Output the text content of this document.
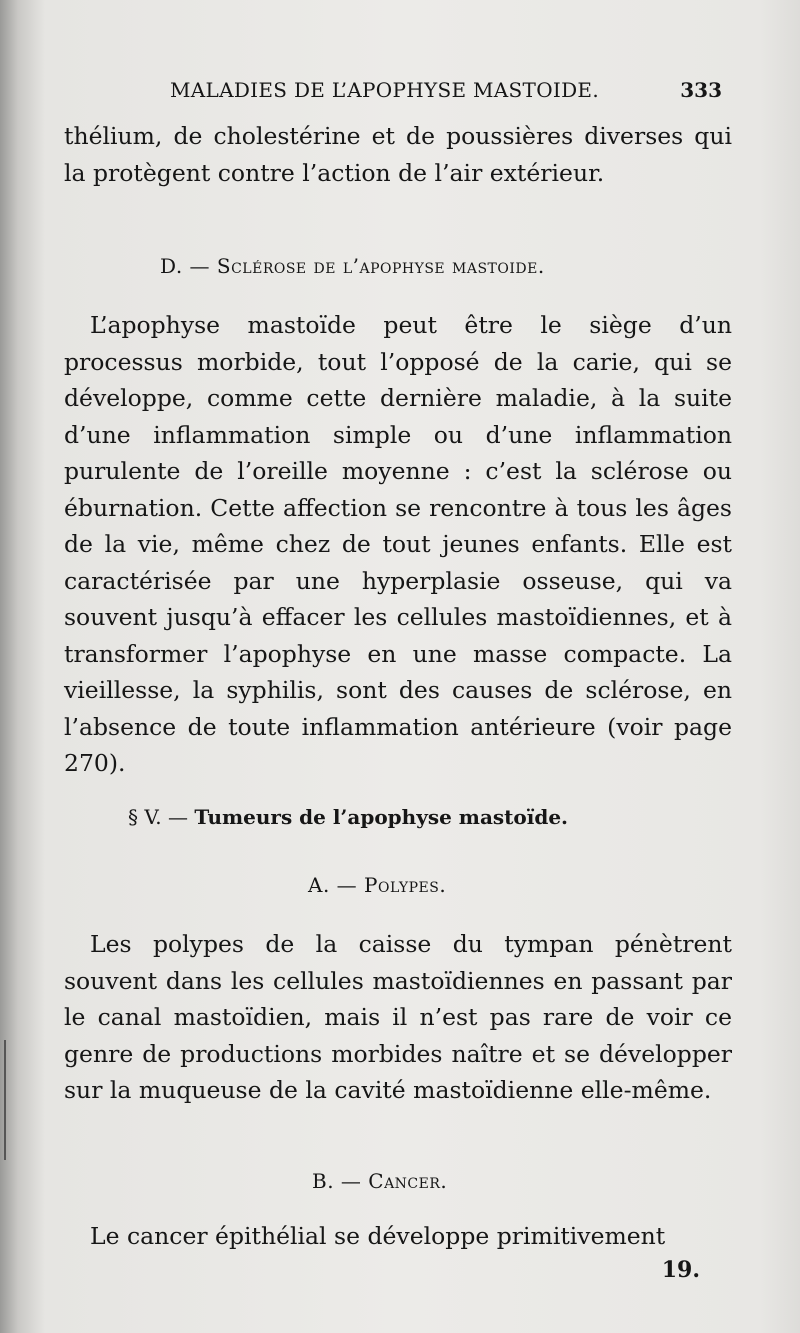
MALADIES DE L’APOPHYSE MASTOIDE.	333

thélium, de cholestérine et de poussières diverses qui la protègent contre l’action de l’air extérieur.

D. — Sclérose de l’apophyse mastoide.

L’apophyse mastoïde peut être le siège d’un processus morbide, tout l’opposé de la carie, qui se développe, comme cette dernière maladie, à la suite d’une inflammation simple ou d’une inflammation purulente de l’oreille moyenne : c’est la sclérose ou éburnation. Cette affection se rencontre à tous les âges de la vie, même chez de tout jeunes enfants. Elle est caractérisée par une hyperplasie osseuse, qui va souvent jusqu’à effacer les cellules mastoïdiennes, et à transformer l’apophyse en une masse compacte. La vieillesse, la syphilis, sont des causes de sclérose, en l’absence de toute inflammation antérieure (voir page 270).

§ V. — Tumeurs de l’apophyse mastoïde.
A. — Polypes.

Les polypes de la caisse du tympan pénètrent souvent dans les cellules mastoïdiennes en passant par le canal mastoïdien, mais il n’est pas rare de voir ce genre de productions morbides naître et se développer sur la muqueuse de la cavité mastoïdienne elle-même.

B. — Cancer.

Le cancer épithélial se développe primitivement

19.
